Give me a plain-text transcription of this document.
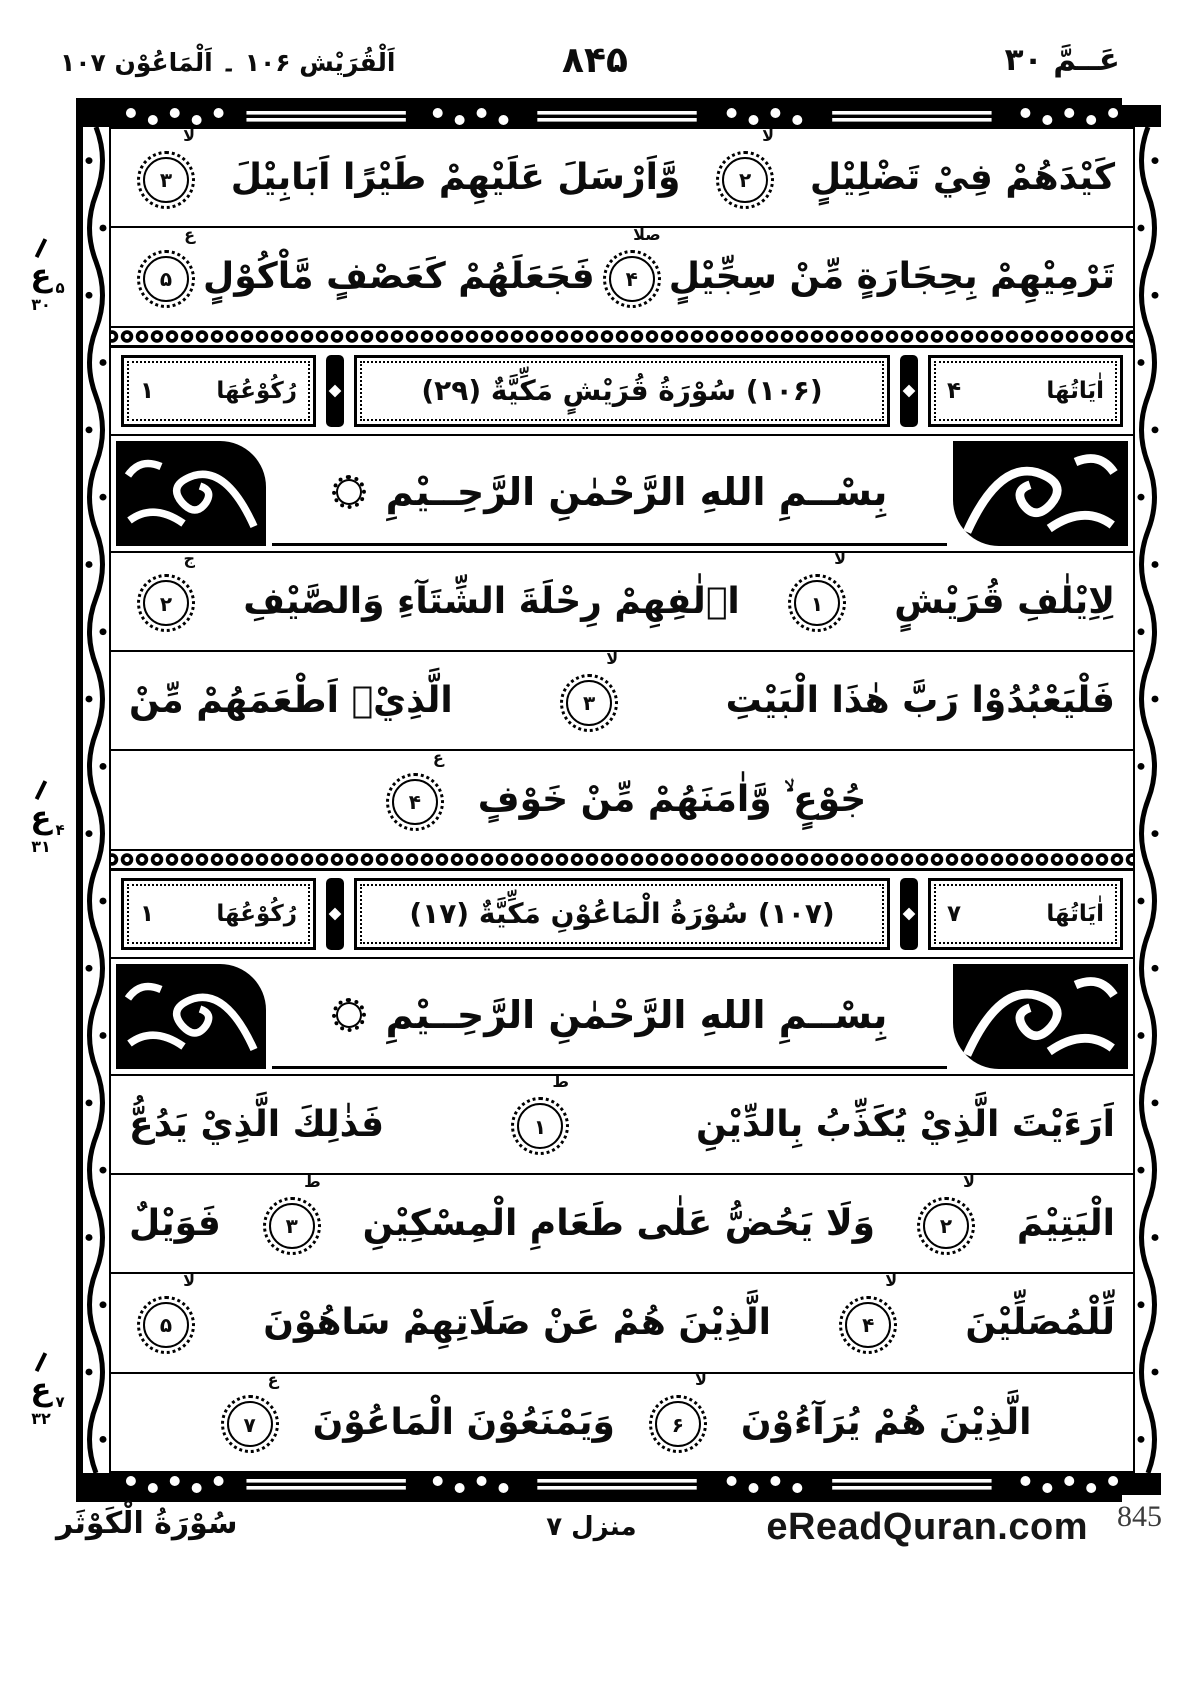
اَلْقُرَيْش ۱۰۶ ۔ اَلْمَاعُوْن ۱۰۷	۸۴۵	عَــمَّ ۳۰
ع ۵
۳۰
ع ۴
۳۱
ع ۷
۳۲
كَيْدَهُمْ فِيْ تَضْلِيْلٍ
لا
۲
وَّاَرْسَلَ عَلَيْهِمْ طَيْرًا اَبَابِيْلَ
لا
۳
تَرْمِيْهِمْ بِحِجَارَةٍ مِّنْ سِجِّيْلٍ
صلا
۴
فَجَعَلَهُمْ كَعَصْفٍ مَّاْكُوْلٍ
ع
۵
اٰيَاتُهَا
۴
(۱۰۶) سُوْرَةُ قُرَيْشٍ مَكِّيَّةٌ (۲۹)
رُكُوْعُهَا
۱
بِسْــمِ اللهِ الرَّحْمٰنِ الرَّحِــيْمِ
لِاِيْلٰفِ قُرَيْشٍ
لا
۱
اٖلٰفِهِمْ رِحْلَةَ الشِّتَآءِ وَالصَّيْفِ
ج
۲
فَلْيَعْبُدُوْا رَبَّ هٰذَا الْبَيْتِ
لا
۳
الَّذِيْۤ اَطْعَمَهُمْ مِّنْ
جُوْعٍ ۙ وَّاٰمَنَهُمْ مِّنْ خَوْفٍ
ع
۴
اٰيَاتُهَا
۷
(۱۰۷) سُوْرَةُ الْمَاعُوْنِ مَكِّيَّةٌ (۱۷)
رُكُوْعُهَا
۱
بِسْــمِ اللهِ الرَّحْمٰنِ الرَّحِــيْمِ
اَرَءَيْتَ الَّذِيْ يُكَذِّبُ بِالدِّيْنِ
ط
۱
فَذٰلِكَ الَّذِيْ يَدُعُّ
الْيَتِيْمَ
لا
۲
وَلَا يَحُضُّ عَلٰى طَعَامِ الْمِسْكِيْنِ
ط
۳
فَوَيْلٌ
لِّلْمُصَلِّيْنَ
لا
۴
الَّذِيْنَ هُمْ عَنْ صَلَاتِهِمْ سَاهُوْنَ
لا
۵
الَّذِيْنَ هُمْ يُرَآءُوْنَ
لا
۶
وَيَمْنَعُوْنَ الْمَاعُوْنَ
ع
۷
سُوْرَةُ الْكَوْثَر	منزل ۷	eReadQuran.com 845
